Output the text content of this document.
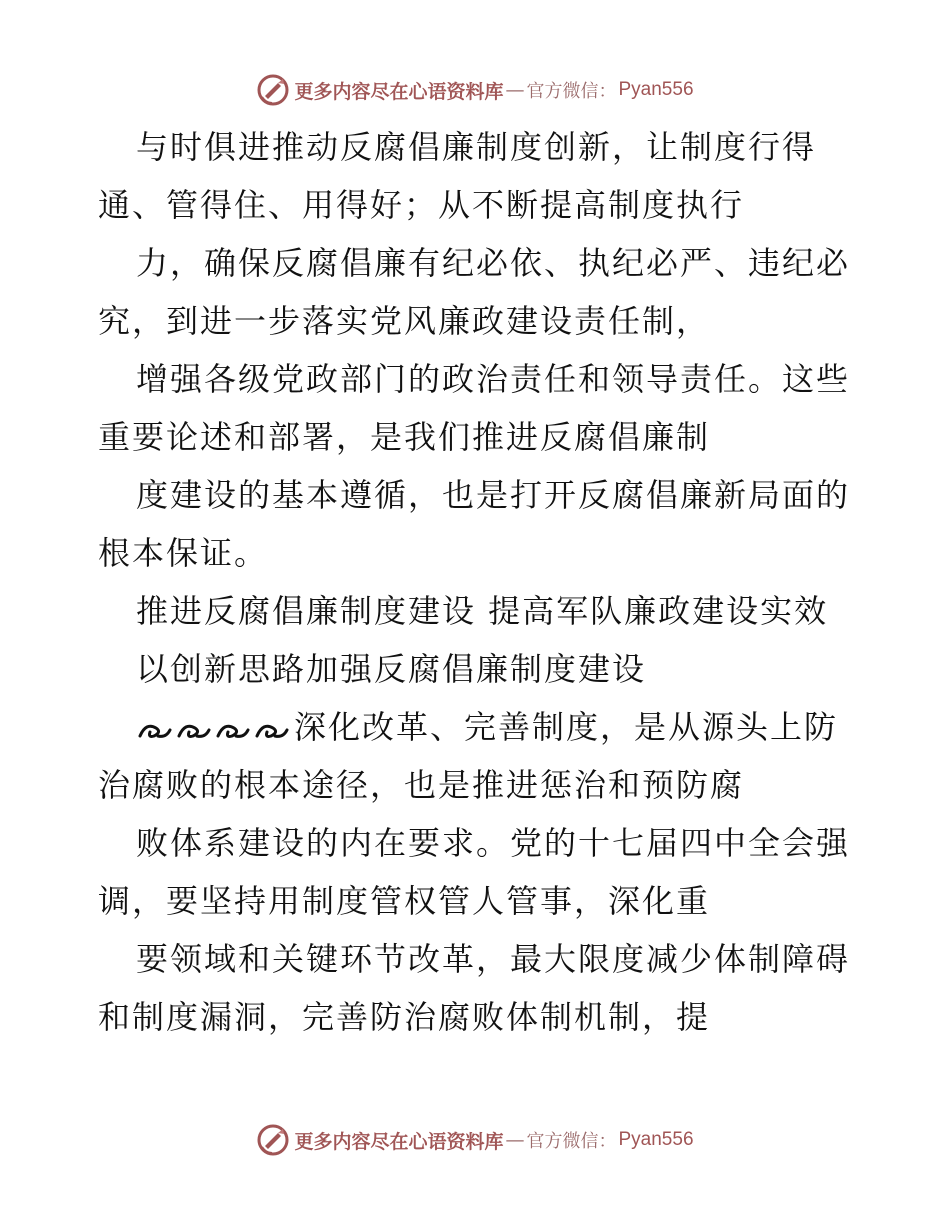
更多内容尽在心语资料库 — 官方微信： Pyan556
与时俱进推动反腐倡廉制度创新，让制度行得
通、管得住、用得好；从不断提高制度执行
力，确保反腐倡廉有纪必依、执纪必严、违纪必
究，到进一步落实党风廉政建设责任制，
增强各级党政部门的政治责任和领导责任。这些
重要论述和部署，是我们推进反腐倡廉制
度建设的基本遵循，也是打开反腐倡廉新局面的
根本保证。
推进反腐倡廉制度建设 提高军队廉政建设实效
以创新思路加强反腐倡廉制度建设
深化改革、完善制度，是从源头上防
治腐败的根本途径，也是推进惩治和预防腐
败体系建设的内在要求。党的十七届四中全会强
调，要坚持用制度管权管人管事，深化重
要领域和关键环节改革，最大限度减少体制障碍
和制度漏洞，完善防治腐败体制机制，提
更多内容尽在心语资料库 — 官方微信： Pyan556
